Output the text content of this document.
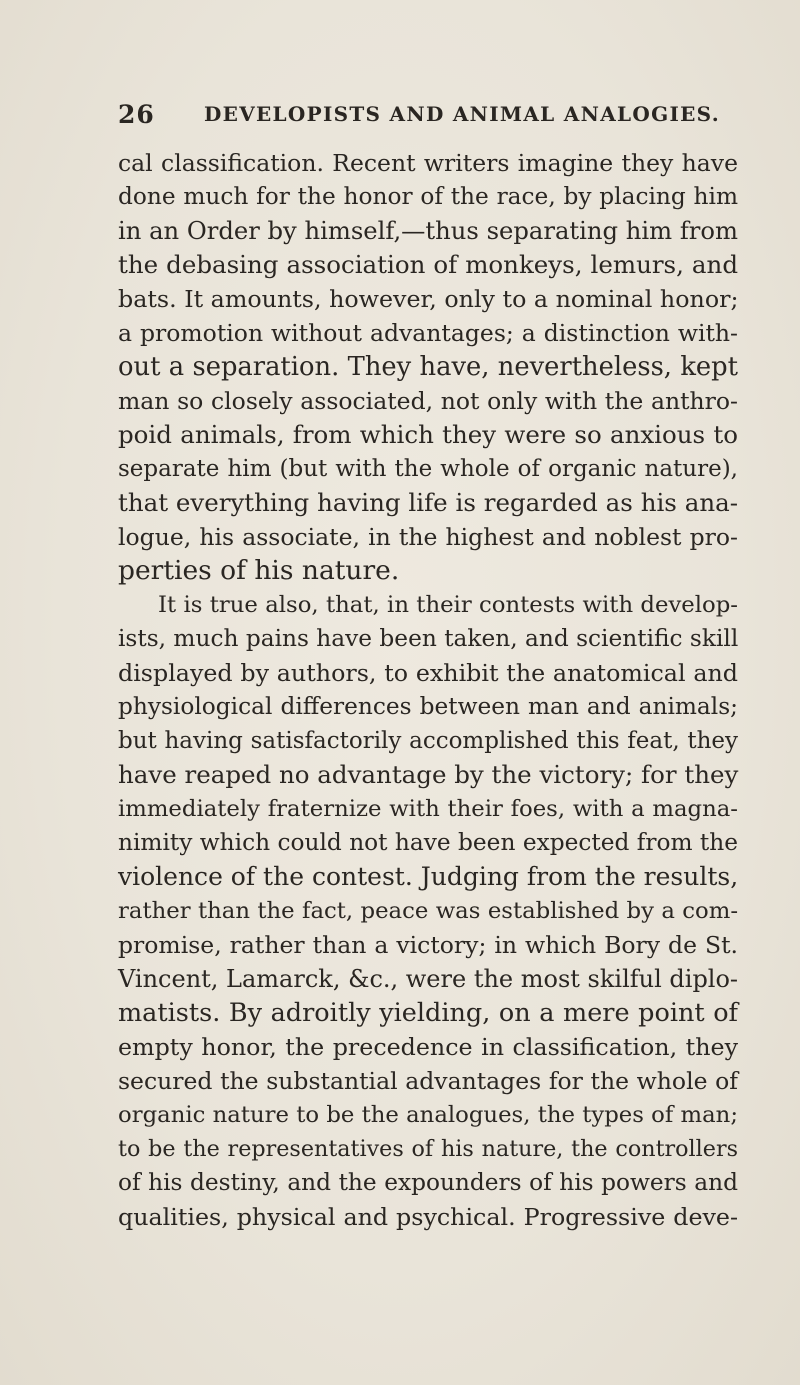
26 DEVELOPISTS AND ANIMAL ANALOGIES.
cal classification. Recent writers imagine they have
done much for the honor of the race, by placing him
in an Order by himself,—thus separating him from
the debasing association of monkeys, lemurs, and
bats. It amounts, however, only to a nominal honor;
a promotion without advantages; a distinction with-
out a separation. They have, nevertheless, kept
man so closely associated, not only with the anthro-
poid animals, from which they were so anxious to
separate him (but with the whole of organic nature),
that everything having life is regarded as his ana-
logue, his associate, in the highest and noblest pro-
perties of his nature.
It is true also, that, in their contests with develop-
ists, much pains have been taken, and scientific skill
displayed by authors, to exhibit the anatomical and
physiological differences between man and animals;
but having satisfactorily accomplished this feat, they
have reaped no advantage by the victory; for they
immediately fraternize with their foes, with a magna-
nimity which could not have been expected from the
violence of the contest. Judging from the results,
rather than the fact, peace was established by a com-
promise, rather than a victory; in which Bory de St.
Vincent, Lamarck, &c., were the most skilful diplo-
matists. By adroitly yielding, on a mere point of
empty honor, the precedence in classification, they
secured the substantial advantages for the whole of
organic nature to be the analogues, the types of man;
to be the representatives of his nature, the controllers
of his destiny, and the expounders of his powers and
qualities, physical and psychical. Progressive deve-
